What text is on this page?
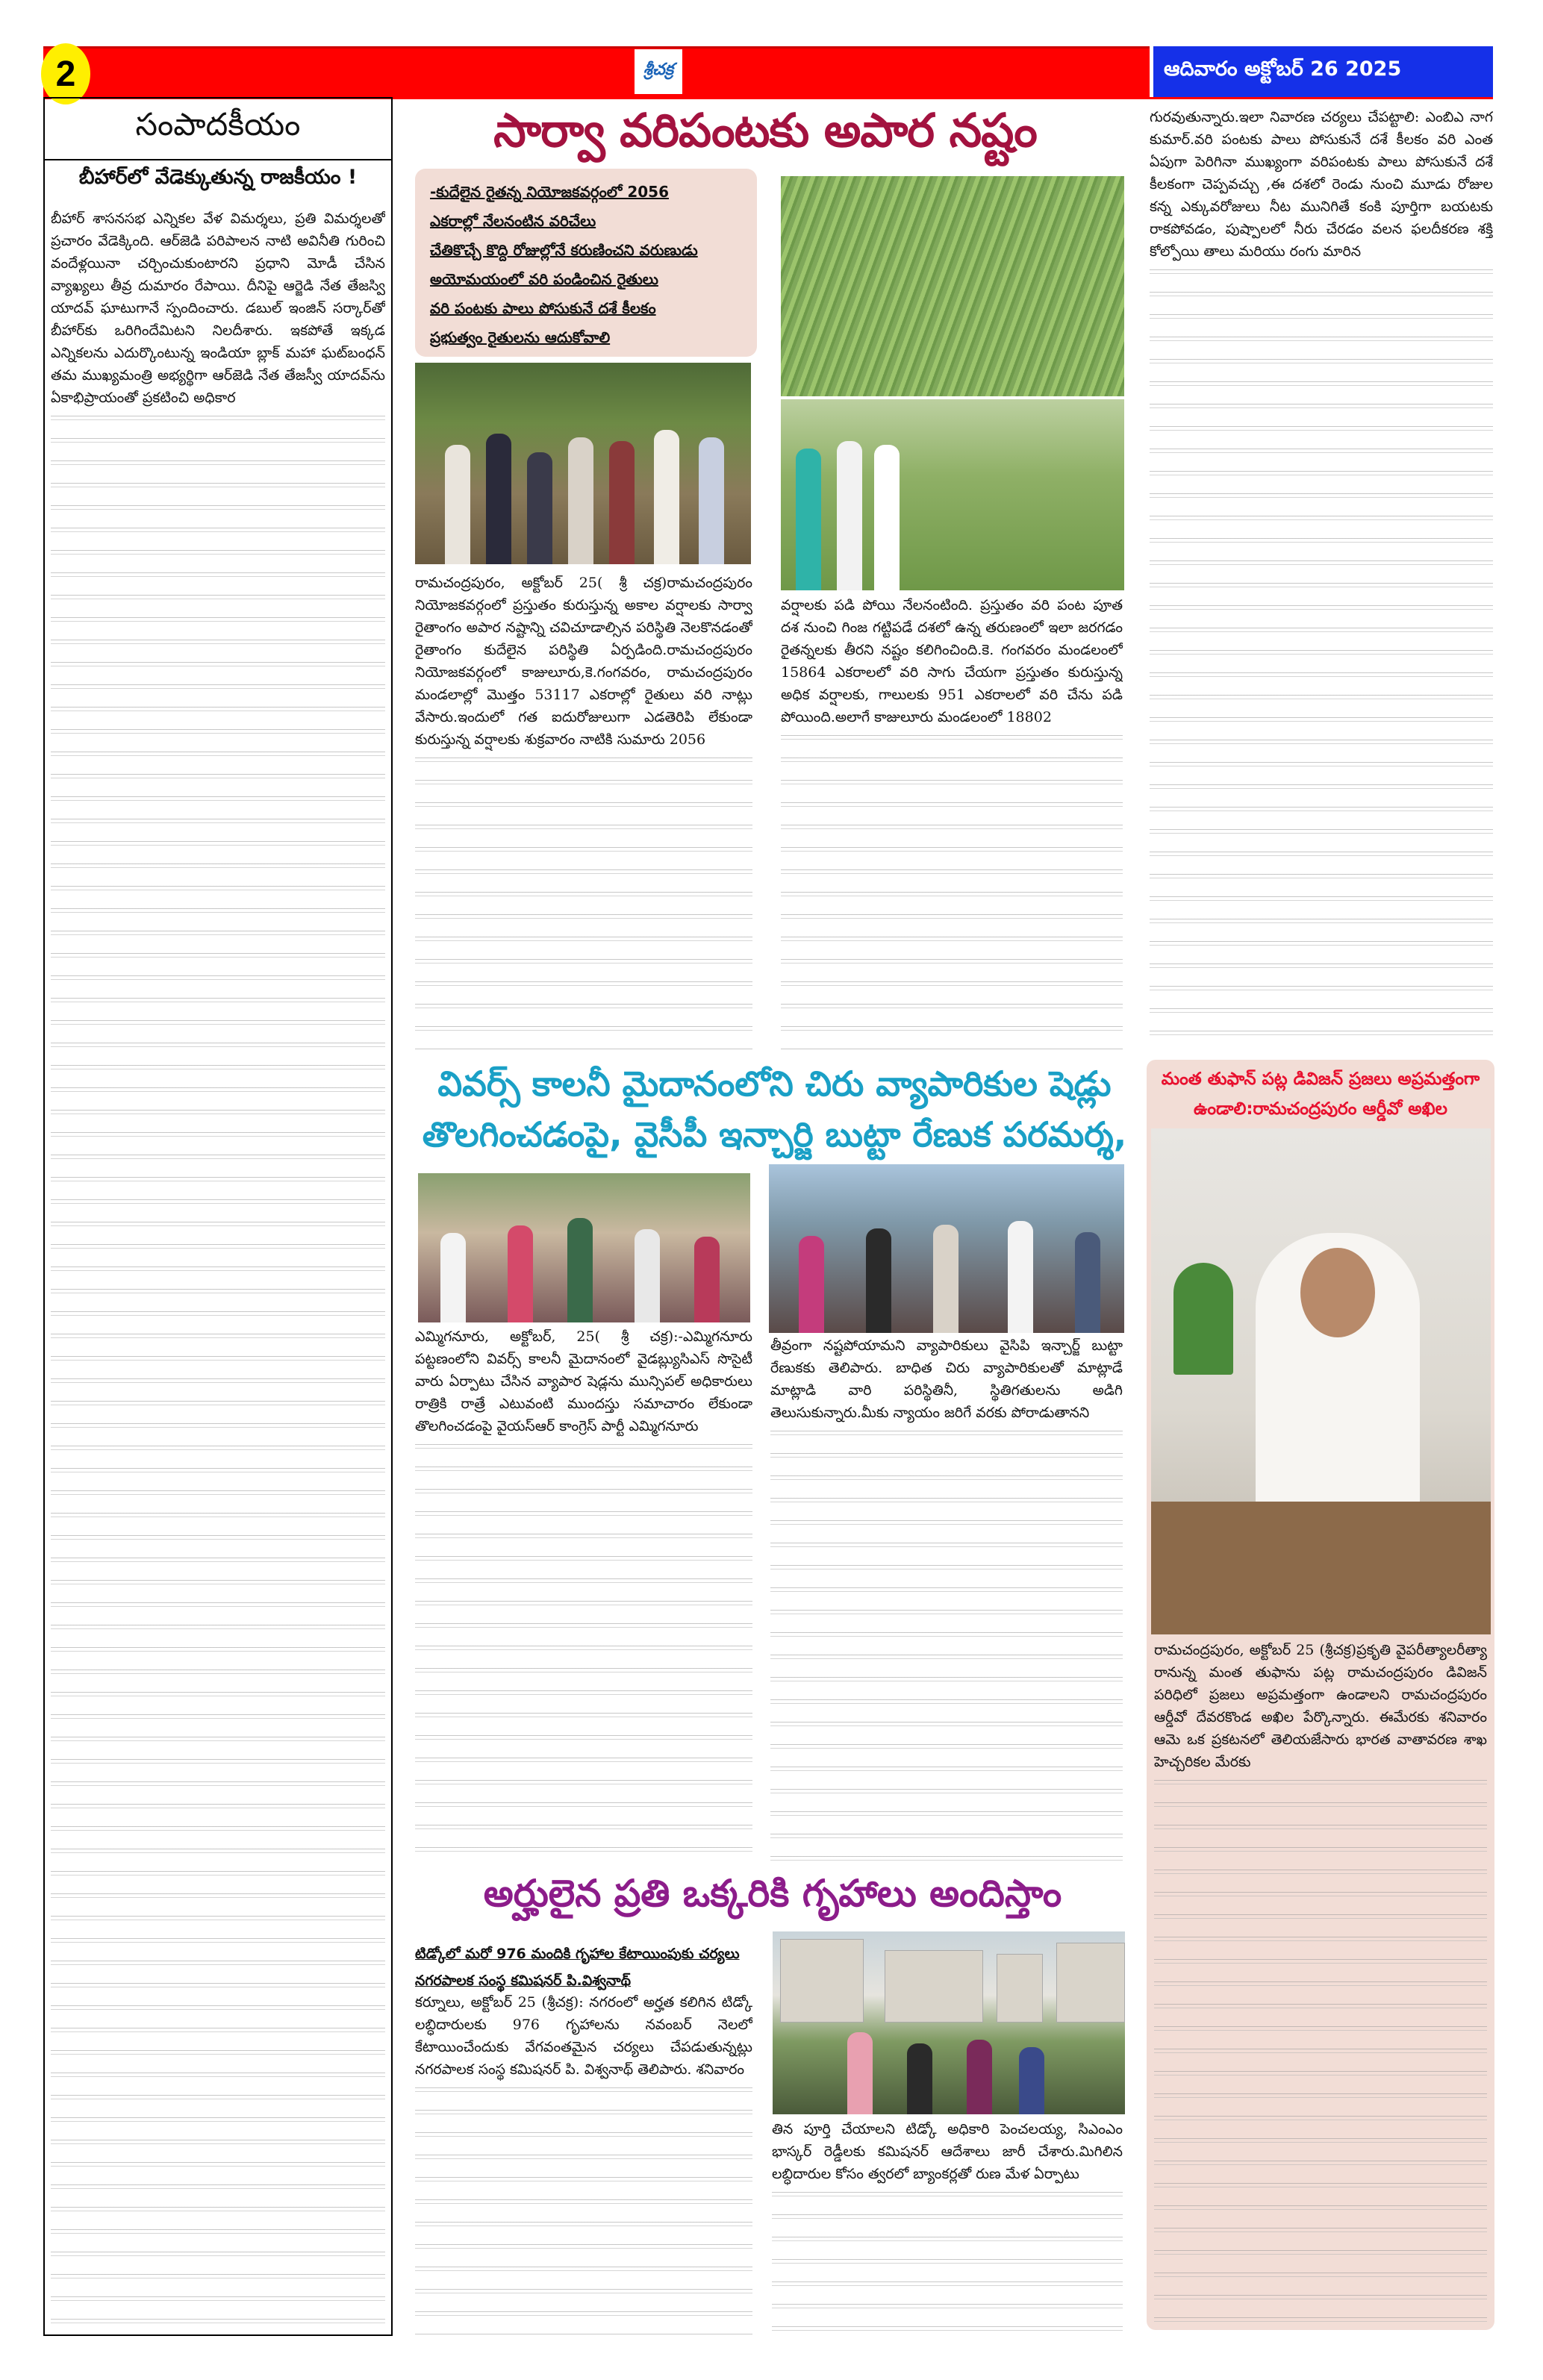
2	శ్రీచక్ర	ఆదివారం అక్టోబర్ 26 2025
సంపాదకీయం
బీహార్‌లో వేడెక్కుతున్న రాజకీయం !

బీహార్ శాసనసభ ఎన్నికల వేళ విమర్శలు, ప్రతి విమర్శలతో ప్రచారం వేడెక్కింది. ఆర్‌జెడి పరిపాలన నాటి అవినీతి గురించి వందేళ్లయినా చర్చించుకుంటారని ప్రధాని మోడీ చేసిన వ్యాఖ్యలు తీవ్ర దుమారం రేపాయి. దీనిపై ఆర్జెడి నేత తేజస్వి యాదవ్ ఘాటుగానే స్పందించారు. డబుల్ ఇంజిన్ సర్కార్‌తో బీహార్‌కు ఒరిగిందేమిటని నిలదీశారు. ఇకపోతే ఇక్కడ ఎన్నికలను ఎదుర్కొంటున్న ఇండియా బ్లాక్ మహా ఘట్‌బంధన్ తమ ముఖ్యమంత్రి అభ్యర్థిగా ఆర్‌జెడి నేత తేజస్వీ యాదవ్‌ను ఏకాభిప్రాయంతో ప్రకటించి అధికార

సార్వా వరిపంటకు అపార నష్టం
-కుదేలైన రైతన్న నియోజకవర్గంలో 2056
ఎకరాల్లో నేలనంటిన వరిచేలు
చేతికొచ్చే కొద్ది రోజుల్లోనే కరుణించని వరుణుడు
అయోమయంలో వరి పండించిన రైతులు
వరి పంటకు పాలు పోసుకునే దశే కీలకం
ప్రభుత్వం రైతులను ఆదుకోవాలి

రామచంద్రపురం, అక్టోబర్ 25( శ్రీ చక్ర)రామచంద్రపురం నియోజకవర్గంలో ప్రస్తుతం కురుస్తున్న అకాల వర్షాలకు సార్వా రైతాంగం అపార నష్టాన్ని చవిచూడాల్సిన పరిస్థితి నెలకొనడంతో రైతాంగం కుదేలైన పరిస్థితి ఏర్పడింది.రామచంద్రపురం నియోజకవర్గంలో కాజులూరు,కె.గంగవరం, రామచంద్రపురం మండలాల్లో మొత్తం 53117 ఎకరాల్లో రైతులు వరి నాట్లు వేసారు.ఇందులో గత ఐదురోజులుగా ఎడతెరిపి లేకుండా కురుస్తున్న వర్షాలకు శుక్రవారం నాటికి సుమారు 2056

వర్షాలకు పడి పోయి నేలనంటింది. ప్రస్తుతం వరి పంట పూత దశ నుంచి గింజ గట్టిపడే దశలో ఉన్న తరుణంలో ఇలా జరగడం రైతన్నలకు తీరని నష్టం కలిగించింది.కె. గంగవరం మండలంలో 15864 ఎకరాలలో వరి సాగు చేయగా ప్రస్తుతం కురుస్తున్న అధిక వర్షాలకు, గాలులకు 951 ఎకరాలలో వరి చేను పడి పోయింది.అలాగే కాజులూరు మండలంలో 18802

గురవుతున్నారు.ఇలా నివారణ చర్యలు చేపట్టాలి: ఎంబిఎ నాగ కుమార్.వరి పంటకు పాలు పోసుకునే దశే కీలకం వరి ఎంత ఏపుగా పెరిగినా ముఖ్యంగా వరిపంటకు పాలు పోసుకునే దశే కీలకంగా చెప్పవచ్చు ,ఈ దశలో రెండు నుంచి మూడు రోజుల కన్న ఎక్కువరోజులు నీట మునిగితే కంకి పూర్తిగా బయటకు రాకపోవడం, పుష్పాలలో నీరు చేరడం వలన ఫలదీకరణ శక్తి కోల్పోయి తాలు మరియు రంగు మారిన

వివర్స్ కాలనీ మైదానంలోని చిరు వ్యాపారికుల షెడ్లు
తొలగించడంపై, వైసీపీ ఇన్చార్జి బుట్టా రేణుక పరమర్శ,

ఎమ్మిగనూరు, అక్టోబర్, 25( శ్రీ చక్ర):-ఎమ్మిగనూరు పట్టణంలోని వివర్స్ కాలనీ మైదానంలో వైడబ్ల్యుసిఎస్ సొసైటీ వారు ఏర్పాటు చేసిన వ్యాపార షెడ్లను మున్సిపల్ అధికారులు రాత్రికి రాత్రే ఎటువంటి ముందస్తు సమాచారం లేకుండా తొలగించడంపై వైయస్‌ఆర్ కాంగ్రెస్ పార్టీ ఎమ్మిగనూరు

తీవ్రంగా నష్టపోయామని వ్యాపారికులు వైసిపి ఇన్చార్జ్ బుట్టా రేణుకకు తెలిపారు. బాధిత చిరు వ్యాపారికులతో మాట్లాడే మాట్లాడి వారి పరిస్థితినీ, స్థితిగతులను అడిగి తెలుసుకున్నారు.మీకు న్యాయం జరిగే వరకు పోరాడుతానని

మంత తుఫాన్ పట్ల డివిజన్ ప్రజలు అప్రమత్తంగా
ఉండాలి:రామచంద్రపురం ఆర్డీవో అఖిల

రామచంద్రపురం, అక్టోబర్ 25 (శ్రీచక్ర)ప్రకృతి వైపరీత్యాలరీత్యా రానున్న మంత తుఫాను పట్ల రామచంద్రపురం డివిజన్ పరిధిలో ప్రజలు అప్రమత్తంగా ఉండాలని రామచంద్రపురం ఆర్డీవో దేవరకొండ అఖిల పేర్కొన్నారు. ఈమేరకు శనివారం ఆమె ఒక ప్రకటనలో తెలియజేసారు భారత వాతావరణ శాఖ హెచ్చరికల మేరకు

అర్హులైన ప్రతి ఒక్కరికి గృహాలు అందిస్తాం
టిడ్కోలో మరో 976 మందికి గృహాల కేటాయింపుకు చర్యలు
నగరపాలక సంస్థ కమిషనర్ పి.విశ్వనాథ్

కర్నూలు, అక్టోబర్ 25 (శ్రీచక్ర): నగరంలో అర్హత కలిగిన టిడ్కో లబ్ధిదారులకు 976 గృహాలను నవంబర్ నెలలో కేటాయించేందుకు వేగవంతమైన చర్యలు చేపడుతున్నట్లు నగరపాలక సంస్థ కమిషనర్ పి. విశ్వనాథ్ తెలిపారు. శనివారం

తిన పూర్తి చేయాలని టిడ్కో అధికారి పెంచలయ్య, సిఎంఎం భాస్కర్ రెడ్డీలకు కమిషనర్ ఆదేశాలు జారీ చేశారు.మిగిలిన లబ్ధిదారుల కోసం త్వరలో బ్యాంకర్లతో రుణ మేళ ఏర్పాటు
